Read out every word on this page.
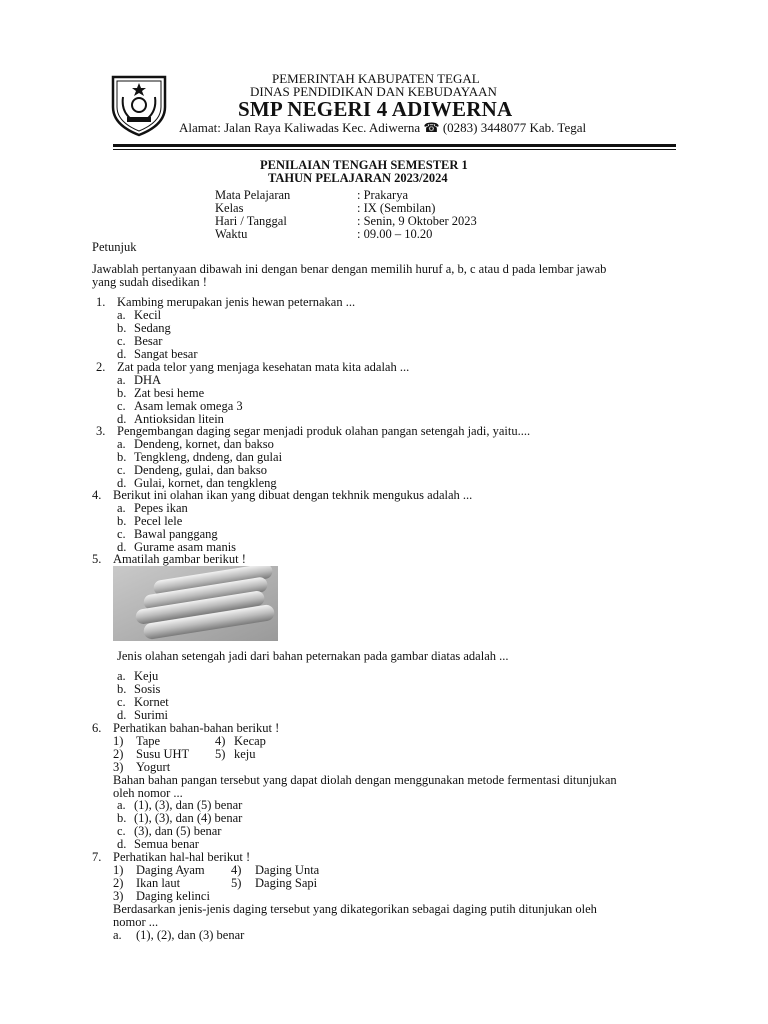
PEMERINTAH KABUPATEN TEGAL
DINAS PENDIDIKAN DAN KEBUDAYAAN
SMP NEGERI 4 ADIWERNA
Alamat: Jalan Raya Kaliwadas Kec. Adiwerna ☎ (0283) 3448077 Kab. Tegal
PENILAIAN TENGAH SEMESTER 1
TAHUN PELAJARAN 2023/2024
Mata Pelajaran	: Prakarya
Kelas	: IX (Sembilan)
Hari / Tanggal	: Senin, 9 Oktober 2023
Waktu	: 09.00 – 10.20
Petunjuk
Jawablah pertanyaan dibawah ini dengan benar dengan memilih huruf a, b, c atau d pada lembar jawab
yang sudah disedikan !
1. Kambing merupakan jenis hewan peternakan ...
a. Kecil
b. Sedang
c. Besar
d. Sangat besar
2. Zat pada telor yang menjaga kesehatan mata kita adalah ...
a. DHA
b. Zat besi heme
c. Asam lemak omega 3
d. Antioksidan litein
3. Pengembangan daging segar menjadi produk olahan pangan setengah jadi, yaitu....
a. Dendeng, kornet, dan bakso
b. Tengkleng, dndeng, dan gulai
c. Dendeng, gulai, dan bakso
d. Gulai, kornet, dan tengkleng
4. Berikut ini olahan ikan yang dibuat dengan tekhnik mengukus adalah ...
a. Pepes ikan
b. Pecel lele
c. Bawal panggang
d. Gurame asam manis
5. Amatilah gambar berikut !
Jenis olahan setengah jadi dari bahan peternakan pada gambar diatas adalah ...
a. Keju
b. Sosis
c. Kornet
d. Surimi
6. Perhatikan bahan-bahan berikut !
1) Tape	4) Kecap
2) Susu UHT 5) keju
3) Yogurt
Bahan bahan pangan tersebut yang dapat diolah dengan menggunakan metode fermentasi ditunjukan
oleh nomor ...
a. (1), (3), dan (5) benar
b. (1), (3), dan (4) benar
c. (3), dan (5) benar
d. Semua benar
7. Perhatikan hal-hal berikut !
1) Daging Ayam 4) Daging Unta
2) Ikan laut	5) Daging Sapi
3) Daging kelinci
Berdasarkan jenis-jenis daging tersebut yang dikategorikan sebagai daging putih ditunjukan oleh
nomor ...
a. (1), (2), dan (3) benar
